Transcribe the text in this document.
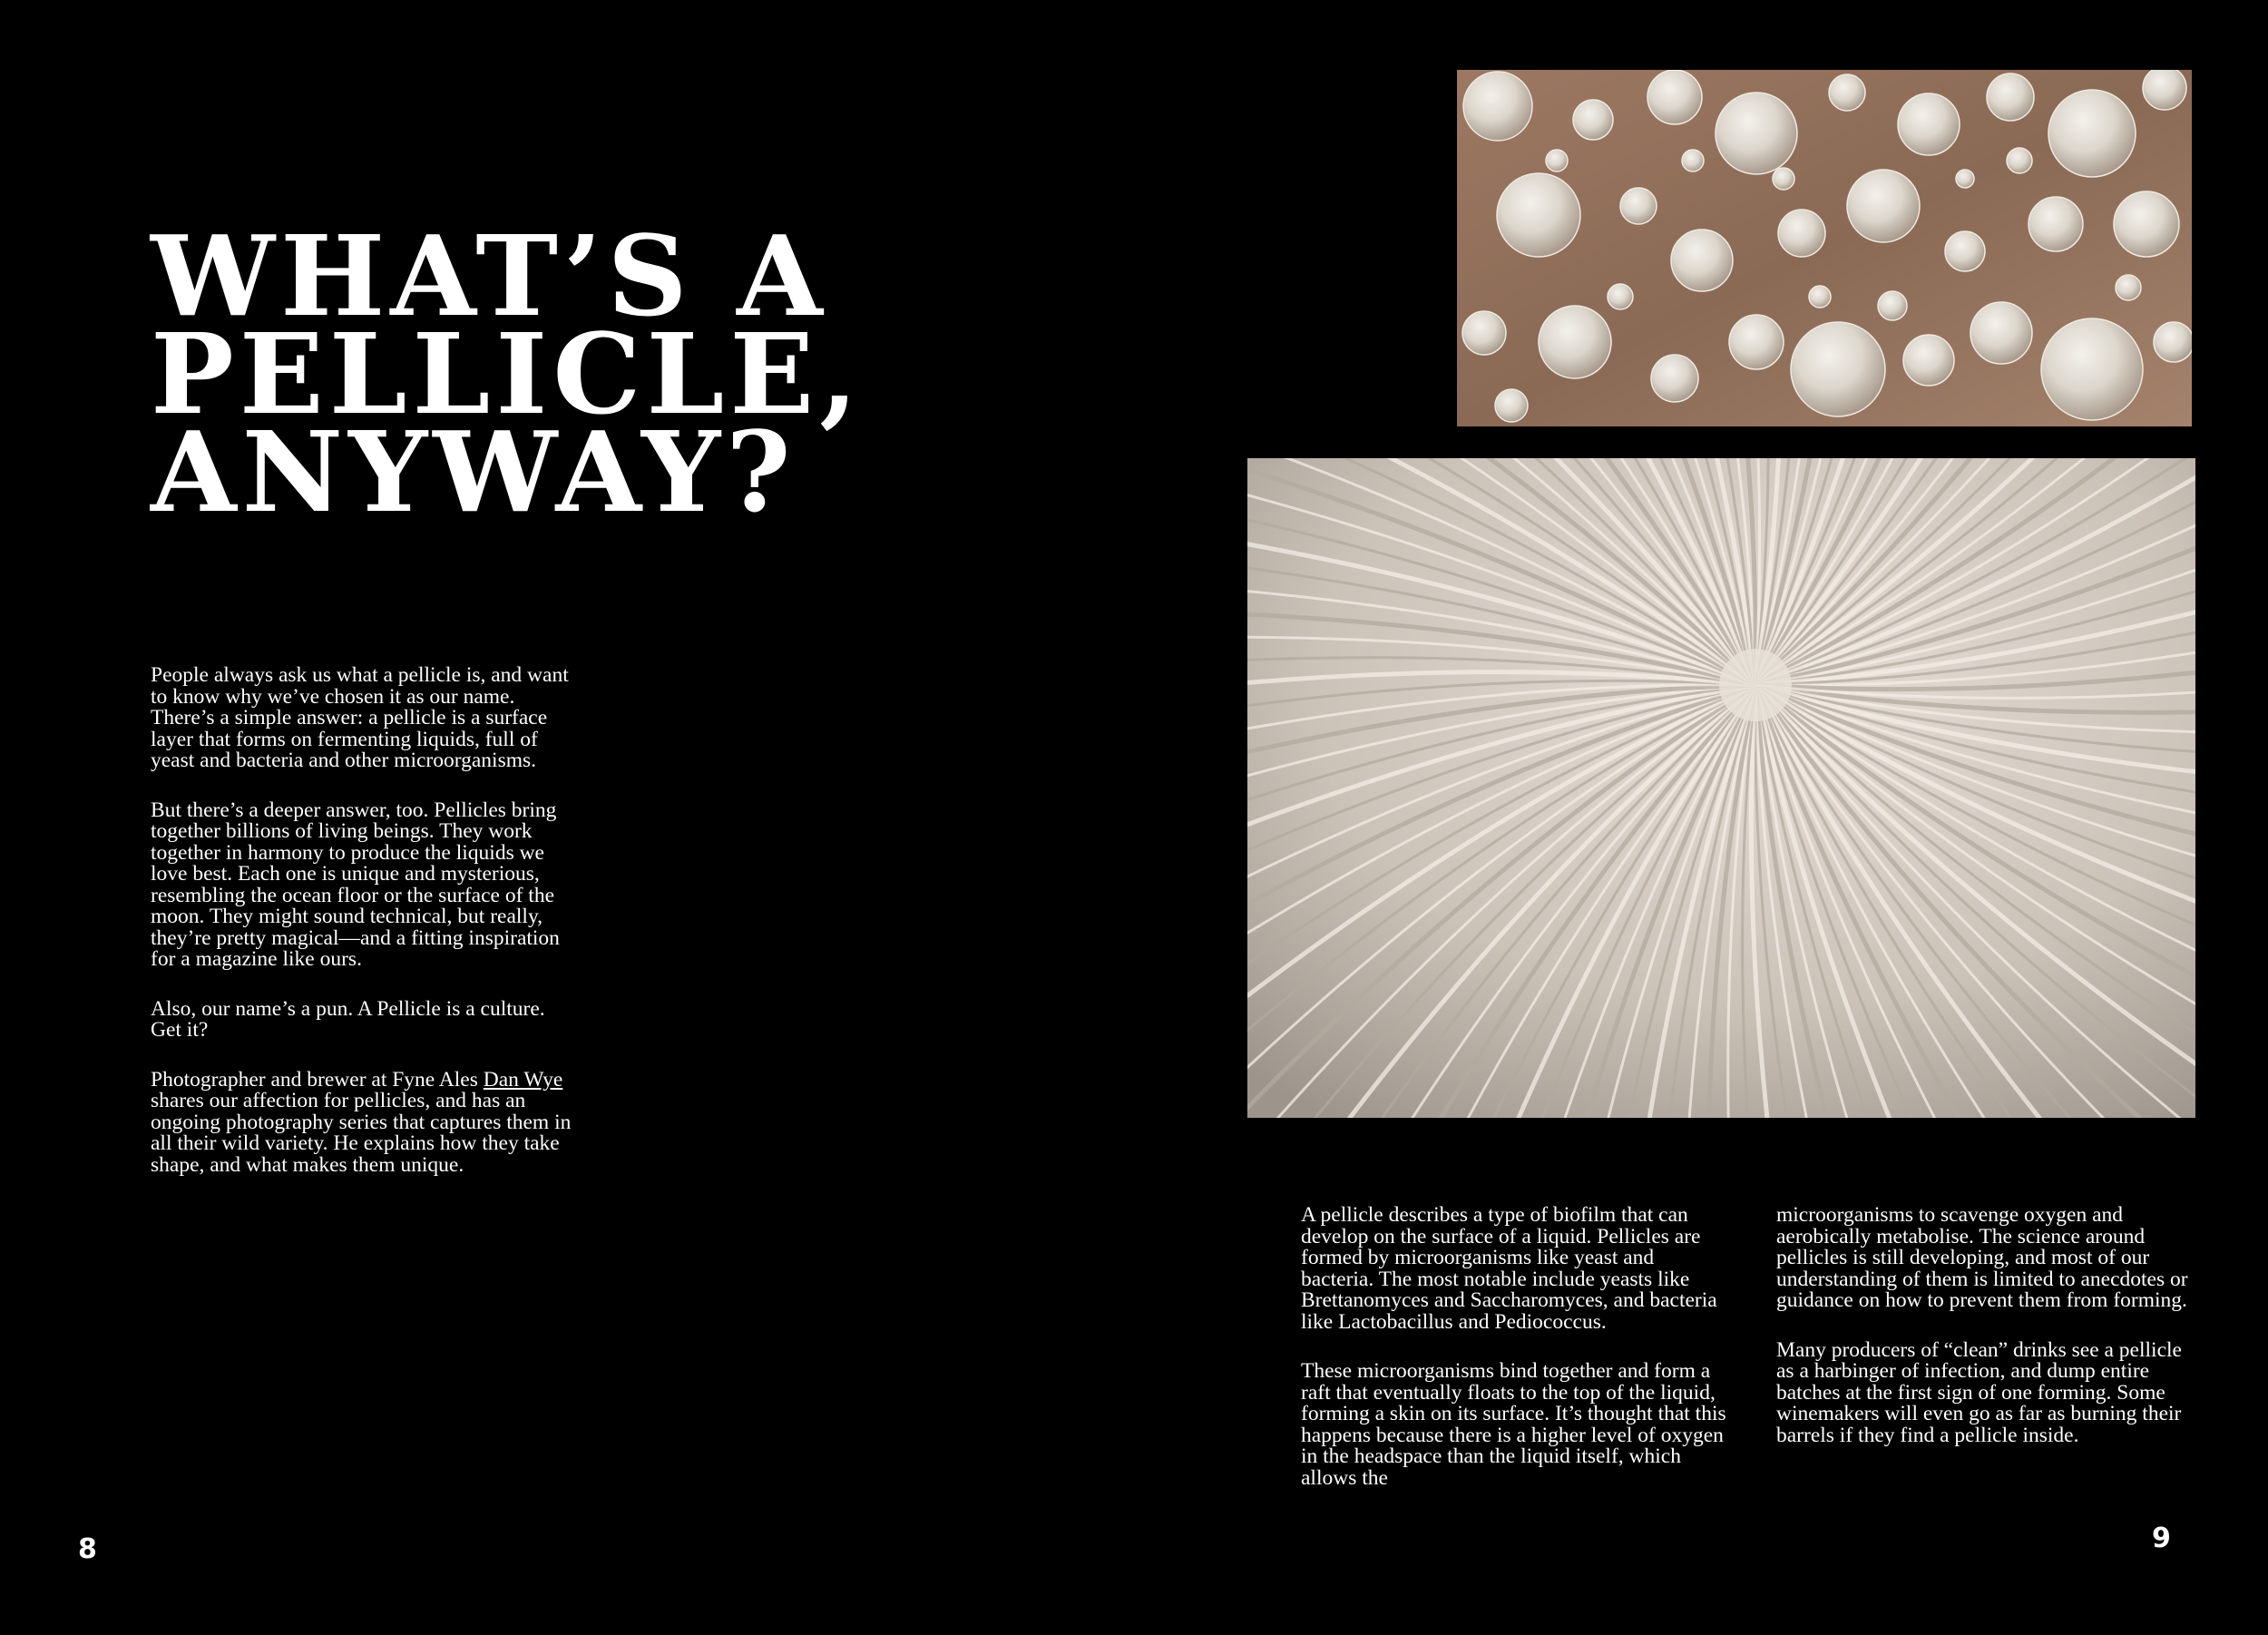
WHAT’S A
PELLICLE,
ANYWAY?

People always ask us what a pellicle is, and want to know why we’ve chosen it as our name. There’s a simple answer: a pellicle is a surface layer that forms on fermenting liquids, full of yeast and bacteria and other microorganisms.

But there’s a deeper answer, too. Pellicles bring together billions of living beings. They work together in harmony to produce the liquids we love best. Each one is unique and mysterious, resembling the ocean floor or the surface of the moon. They might sound technical, but really, they’re pretty magical—and a fitting inspiration for a magazine like ours.

Also, our name’s a pun. A Pellicle is a culture. Get it?

Photographer and brewer at Fyne Ales Dan Wye shares our affection for pellicles, and has an ongoing photography series that captures them in all their wild variety. He explains how they take shape, and what makes them unique.

A pellicle describes a type of biofilm that can develop on the surface of a liquid. Pellicles are formed by microorganisms like yeast and bacteria. The most notable include yeasts like Brettanomyces and Saccharomyces, and bacteria like Lactobacillus and Pediococcus.

These microorganisms bind together and form a raft that eventually floats to the top of the liquid, forming a skin on its surface. It’s thought that this happens because there is a higher level of oxygen in the headspace than the liquid itself, which allows the

microorganisms to scavenge oxygen and aerobically metabolise. The science around pellicles is still developing, and most of our understanding of them is limited to anecdotes or guidance on how to prevent them from forming.

Many producers of “clean” drinks see a pellicle as a harbinger of infection, and dump entire batches at the first sign of one forming. Some winemakers will even go as far as burning their barrels if they find a pellicle inside.

8	9
